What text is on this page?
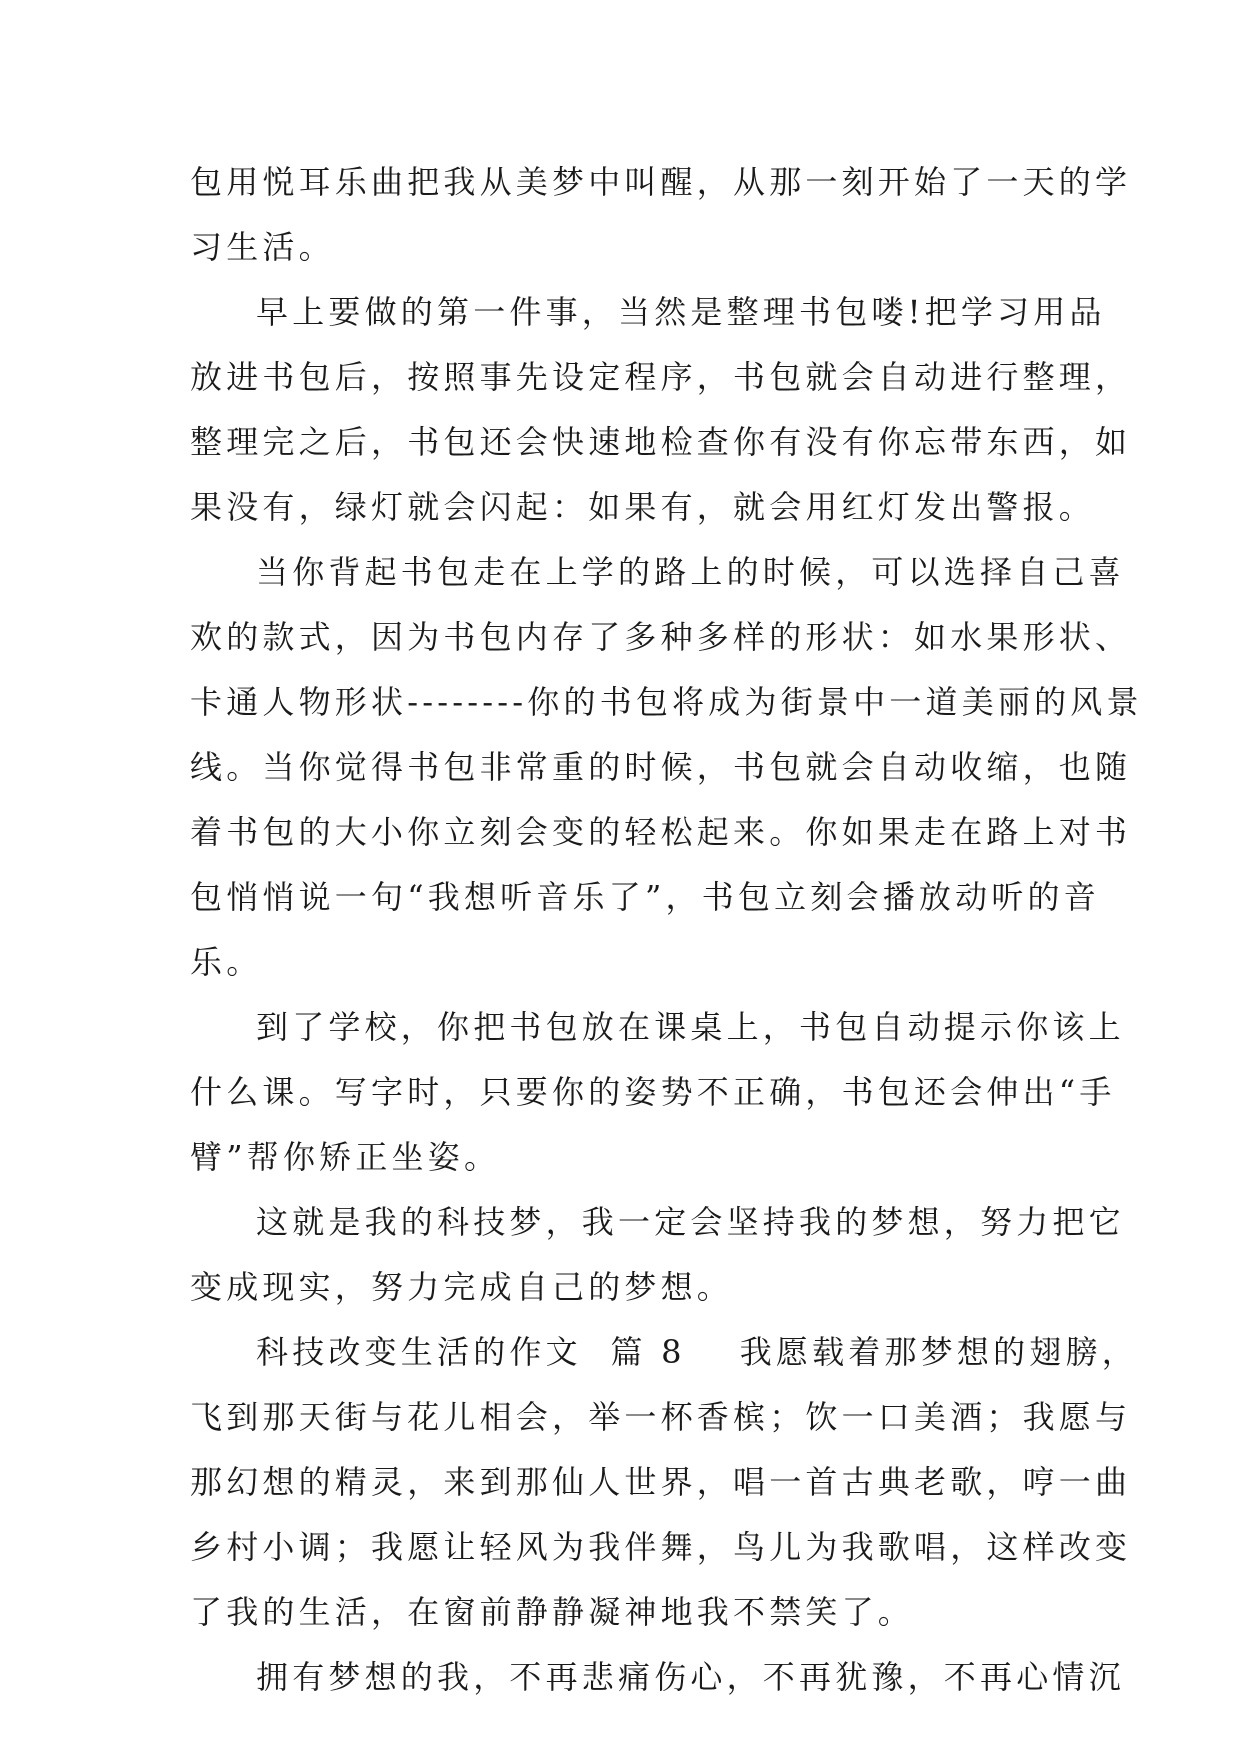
包用悦耳乐曲把我从美梦中叫醒，从那一刻开始了一天的学
习生活。
早上要做的第一件事，当然是整理书包喽!把学习用品
放进书包后，按照事先设定程序，书包就会自动进行整理，
整理完之后，书包还会快速地检查你有没有你忘带东西，如
果没有，绿灯就会闪起：如果有，就会用红灯发出警报。
当你背起书包走在上学的路上的时候，可以选择自己喜
欢的款式，因为书包内存了多种多样的形状：如水果形状、
卡通人物形状--------你的书包将成为街景中一道美丽的风景
线。当你觉得书包非常重的时候，书包就会自动收缩，也随
着书包的大小你立刻会变的轻松起来。你如果走在路上对书
包悄悄说一句“我想听音乐了”，书包立刻会播放动听的音
乐。
到了学校，你把书包放在课桌上，书包自动提示你该上
什么课。写字时，只要你的姿势不正确，书包还会伸出“手
臂”帮你矫正坐姿。
这就是我的科技梦，我一定会坚持我的梦想，努力把它
变成现实，努力完成自己的梦想。
科技改变生活的作文  篇 8 我愿载着那梦想的翅膀，
飞到那天街与花儿相会，举一杯香槟；饮一口美酒；我愿与
那幻想的精灵，来到那仙人世界，唱一首古典老歌，哼一曲
乡村小调；我愿让轻风为我伴舞，鸟儿为我歌唱，这样改变
了我的生活，在窗前静静凝神地我不禁笑了。
拥有梦想的我，不再悲痛伤心，不再犹豫，不再心情沉
